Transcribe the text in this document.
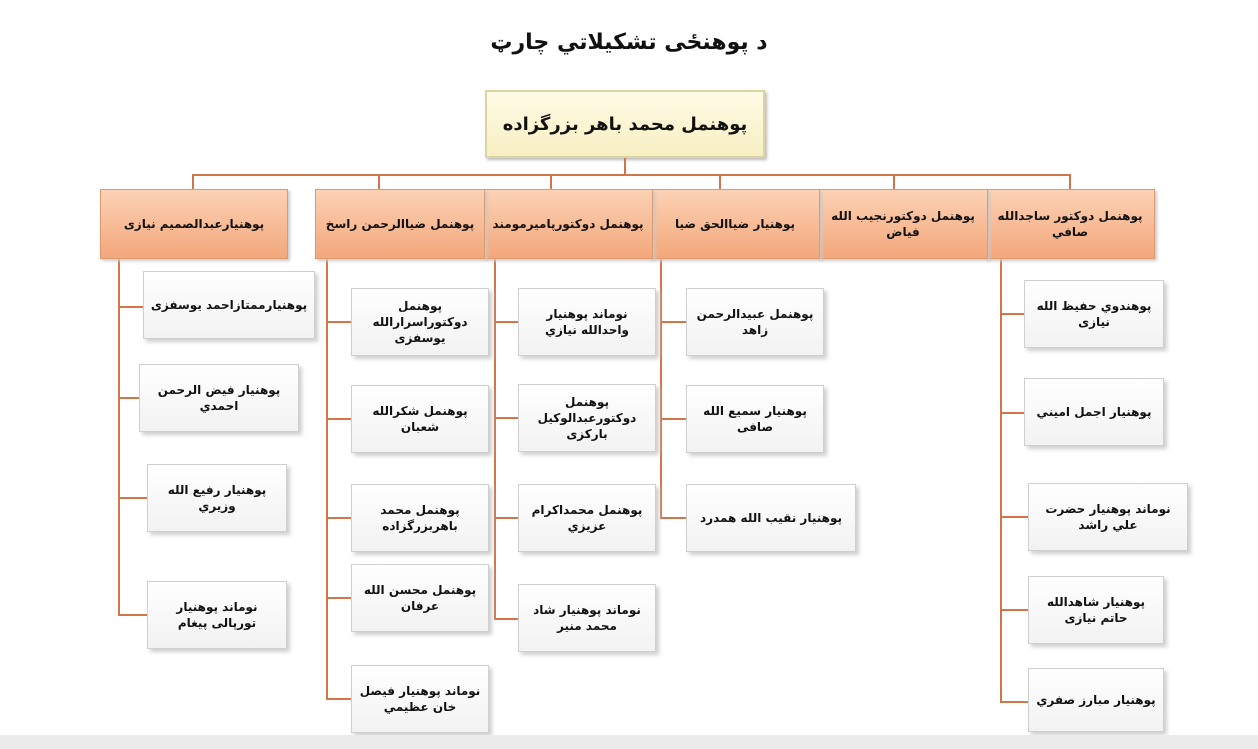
د پوهنځی تشکیلاتي چارټ
پوهنمل محمد باهر بزرگزاده
پوهنمل دوکتور ساجدالله صافي
پوهنمل دوکتورنجيب الله فياض
پوهنيار ضياالحق ضيا
پوهنمل دوکتورپاميرمومند
پوهنمل ضياالرحمن راسخ
پوهنيارعبدالصميم نيازی
پوهندوي حفيظ الله نيازی
پوهنيار اجمل اميني
نوماند پوهنيار حضرت علي راشد
پوهنيار شاهدالله حاتم نيازی
پوهنيار مبارز صفري
پوهنمل عبيدالرحمن زاهد
پوهنيار سميع الله صافی
پوهنيار نقيب الله همدرد
نوماند پوهنيار واحدالله نيازي
پوهنمل دوکتورعبدالوکيل بارکزی
پوهنمل محمداکرام عزيزي
نوماند پوهنيار شاد محمد منير
پوهنمل دوکتوراسرارالله يوسفزی
پوهنمل شکرالله شعبان
پوهنمل محمد باهربزرگزاده
پوهنمل محسن الله عرفان
نوماند پوهنيار فيصل خان عظيمي
پوهنيارممتازاحمد يوسفزی
پوهنيار فيض الرحمن احمدي
پوهنيار رفيع الله وزيري
نوماند پوهنيار تورپالی پيغام
